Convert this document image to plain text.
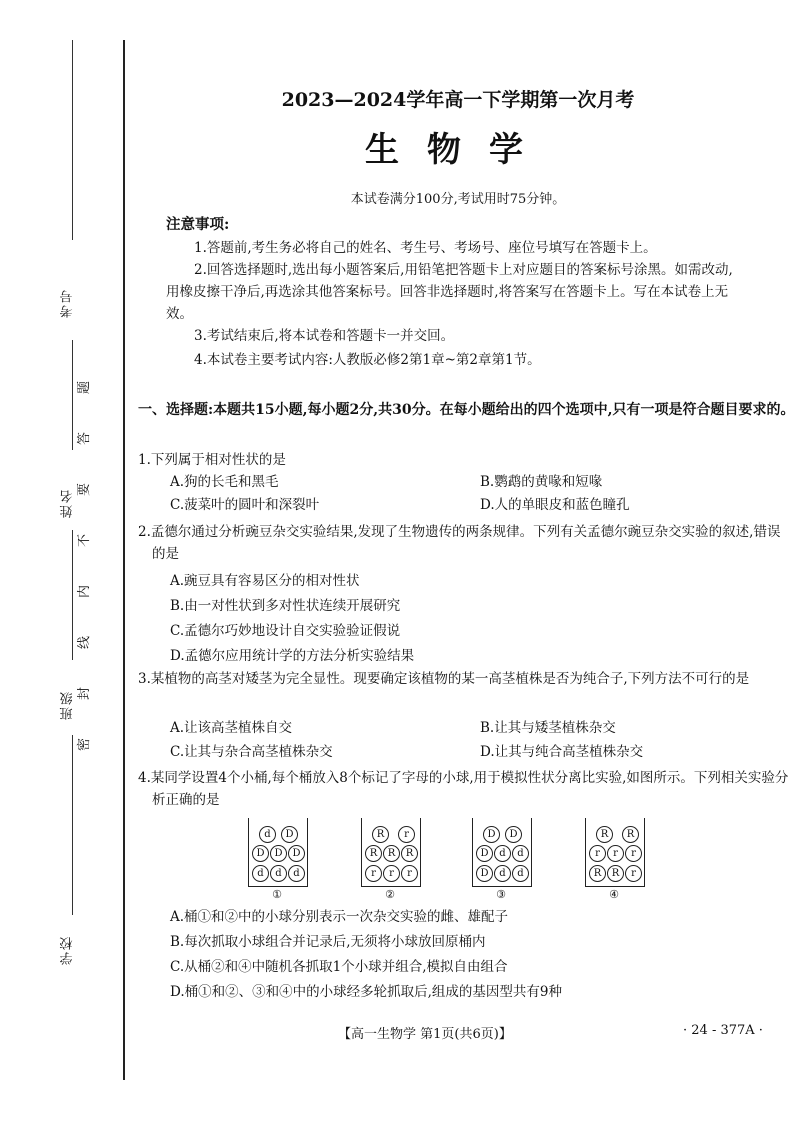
考号
姓名
班级
学校
题
答
要
不
内
线
封
密
2023—2024学年高一下学期第一次月考
生物学
本试卷满分100分,考试用时75分钟。
注意事项:
1.答题前,考生务必将自己的姓名、考生号、考场号、座位号填写在答题卡上。
2.回答选择题时,选出每小题答案后,用铅笔把答题卡上对应题目的答案标号涂黑。如需改动,用橡皮擦干净后,再选涂其他答案标号。回答非选择题时,将答案写在答题卡上。写在本试卷上无效。
3.考试结束后,将本试卷和答题卡一并交回。
4.本试卷主要考试内容:人教版必修2第1章~第2章第1节。
一、选择题:本题共15小题,每小题2分,共30分。在每小题给出的四个选项中,只有一项是符合题目要求的。
1.下列属于相对性状的是
A.狗的长毛和黑毛	B.鹦鹉的黄喙和短喙
C.菠菜叶的圆叶和深裂叶	D.人的单眼皮和蓝色瞳孔
2.孟德尔通过分析豌豆杂交实验结果,发现了生物遗传的两条规律。下列有关孟德尔豌豆杂交实验的叙述,错误的是
A.豌豆具有容易区分的相对性状
B.由一对性状到多对性状连续开展研究
C.孟德尔巧妙地设计自交实验验证假说
D.孟德尔应用统计学的方法分析实验结果
3.某植物的高茎对矮茎为完全显性。现要确定该植物的某一高茎植株是否为纯合子,下列方法不可行的是
A.让该高茎植株自交	B.让其与矮茎植株杂交
C.让其与杂合高茎植株杂交	D.让其与纯合高茎植株杂交
4.某同学设置4个小桶,每个桶放入8个标记了字母的小球,用于模拟性状分离比实验,如图所示。下列相关实验分析正确的是
d	D
D D D
d	d	d
①
R	r
R	R	R
r	r	r
②
D	D
D	d	d
D	d	d
③
R	R
r	r	r
R	R	r
④
A.桶①和②中的小球分别表示一次杂交实验的雌、雄配子
B.每次抓取小球组合并记录后,无须将小球放回原桶内
C.从桶②和④中随机各抓取1个小球并组合,模拟自由组合
D.桶①和②、③和④中的小球经多轮抓取后,组成的基因型共有9种
【高一生物学 第1页(共6页)】	· 24 - 377A ·
